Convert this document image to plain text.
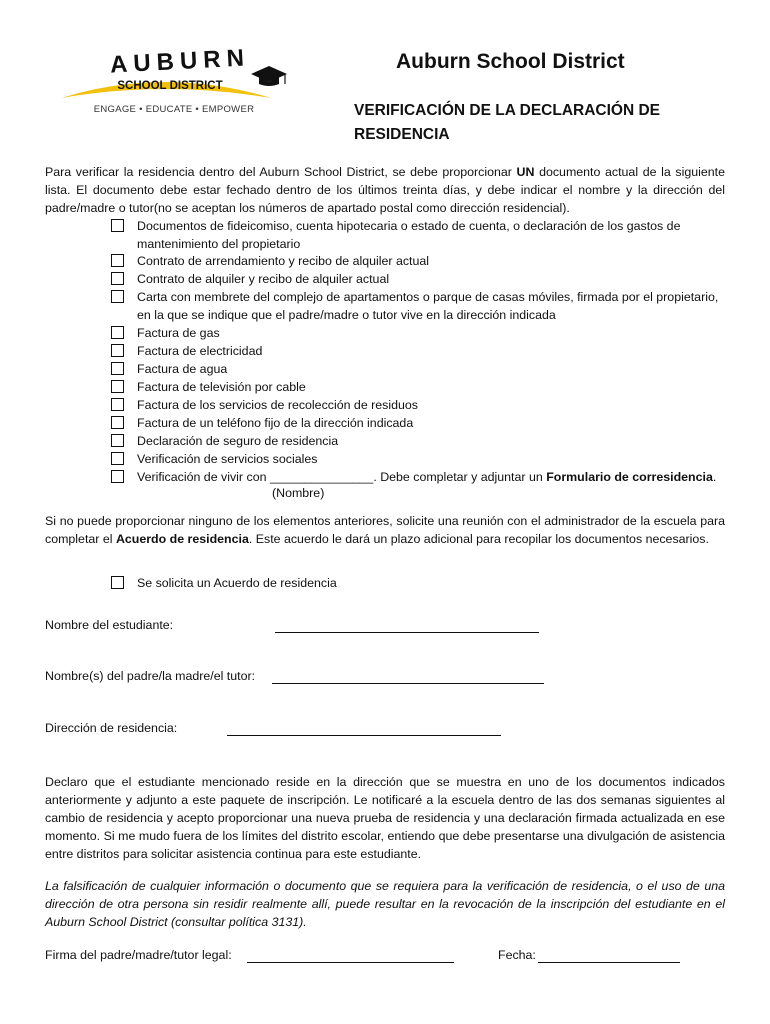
AUBURN
SCHOOL DISTRICT
ENGAGE • EDUCATE • EMPOWER
Auburn School District
VERIFICACIÓN DE LA DECLARACIÓN DE RESIDENCIA
Para verificar la residencia dentro del Auburn School District, se debe proporcionar UN documento actual de la siguiente lista. El documento debe estar fechado dentro de los últimos treinta días, y debe indicar el nombre y la dirección del padre/madre o tutor(no se aceptan los números de apartado postal como dirección residencial).
Documentos de fideicomiso, cuenta hipotecaria o estado de cuenta, o declaración de los gastos de mantenimiento del propietario
Contrato de arrendamiento y recibo de alquiler actual
Contrato de alquiler y recibo de alquiler actual
Carta con membrete del complejo de apartamentos o parque de casas móviles, firmada por el propietario, en la que se indique que el padre/madre o tutor vive en la dirección indicada
Factura de gas
Factura de electricidad
Factura de agua
Factura de televisión por cable
Factura de los servicios de recolección de residuos
Factura de un teléfono fijo de la dirección indicada
Declaración de seguro de residencia
Verificación de servicios sociales
Verificación de vivir con _______________. Debe completar y adjuntar un Formulario de corresidencia.
(Nombre)
Si no puede proporcionar ninguno de los elementos anteriores, solicite una reunión con el administrador de la escuela para completar el Acuerdo de residencia. Este acuerdo le dará un plazo adicional para recopilar los documentos necesarios.
Se solicita un Acuerdo de residencia
Nombre del estudiante:
Nombre(s) del padre/la madre/el tutor:
Dirección de residencia:
Declaro que el estudiante mencionado reside en la dirección que se muestra en uno de los documentos indicados anteriormente y adjunto a este paquete de inscripción. Le notificaré a la escuela dentro de las dos semanas siguientes al cambio de residencia y acepto proporcionar una nueva prueba de residencia y una declaración firmada actualizada en ese momento. Si me mudo fuera de los límites del distrito escolar, entiendo que debe presentarse una divulgación de asistencia entre distritos para solicitar asistencia continua para este estudiante.
La falsificación de cualquier información o documento que se requiera para la verificación de residencia, o el uso de una dirección de otra persona sin residir realmente allí, puede resultar en la revocación de la inscripción del estudiante en el Auburn School District (consultar política 3131).
Firma del padre/madre/tutor legal:	Fecha:
